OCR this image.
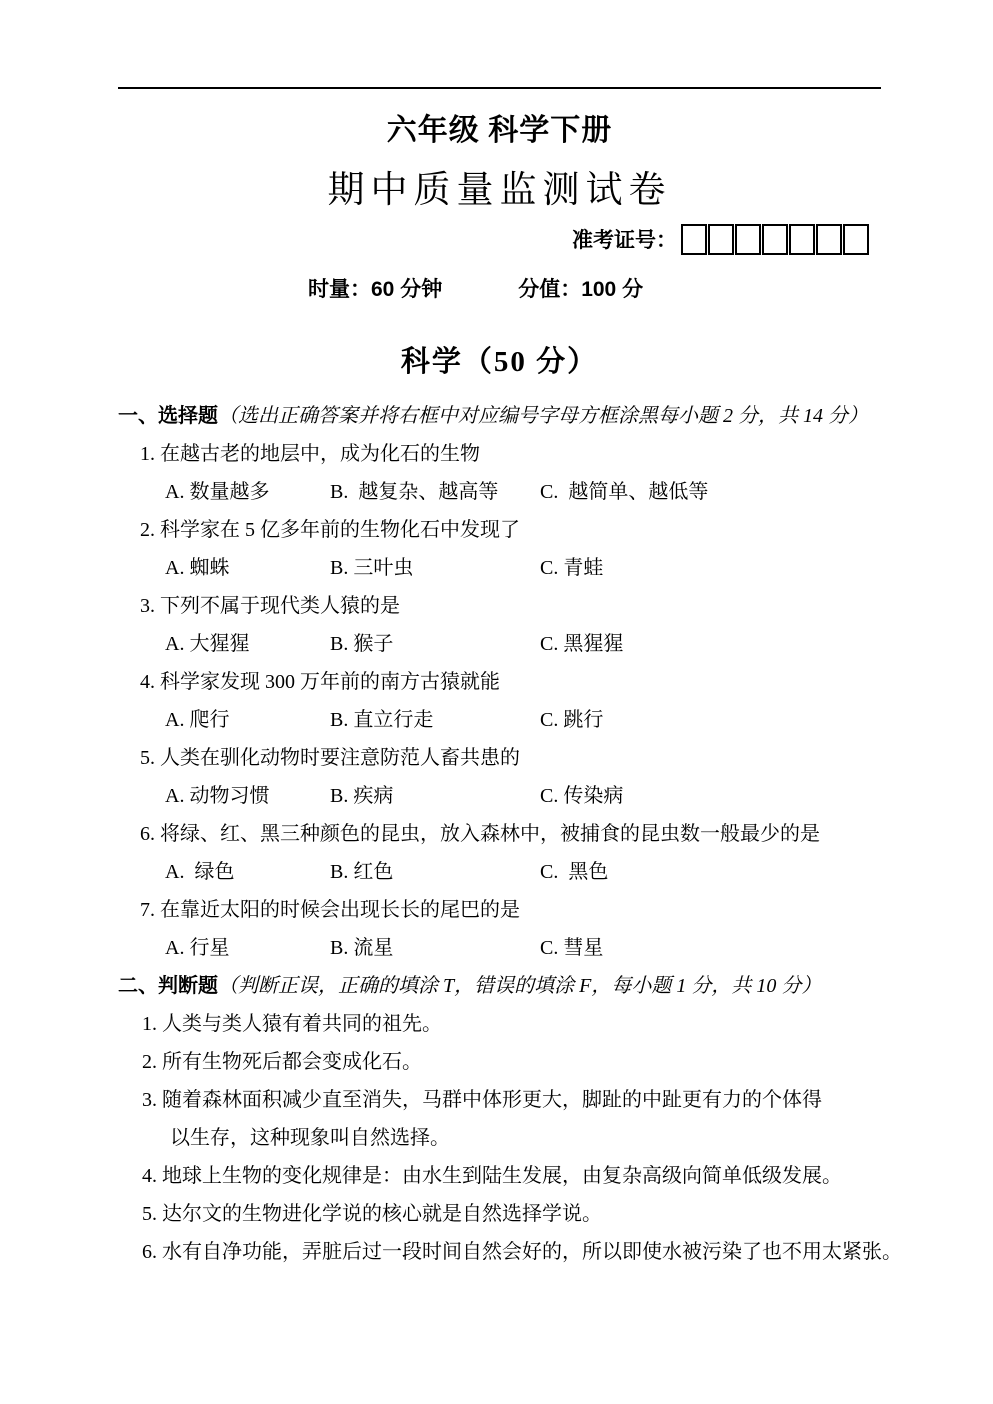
六年级 科学下册
期中质量监测试卷
准考证号：
时量：60 分钟	分值：100 分
科学（50 分）

一、选择题（选出正确答案并将右框中对应编号字母方框涂黑每小题 2 分，共 14 分）

1. 在越古老的地层中，成为化石的生物

A. 数量越多	B.  越复杂、越高等	C.  越简单、越低等

2. 科学家在 5 亿多年前的生物化石中发现了

A. 蜘蛛	B. 三叶虫	C. 青蛙

3. 下列不属于现代类人猿的是

A. 大猩猩	B. 猴子	C. 黑猩猩

4. 科学家发现 300 万年前的南方古猿就能

A. 爬行	B. 直立行走	C. 跳行

5. 人类在驯化动物时要注意防范人畜共患的

A. 动物习惯	B. 疾病	C. 传染病

6. 将绿、红、黑三种颜色的昆虫，放入森林中，被捕食的昆虫数一般最少的是

A.  绿色	B. 红色	C.  黑色

7. 在靠近太阳的时候会出现长长的尾巴的是

A. 行星	B. 流星	C. 彗星

二、判断题（判断正误，正确的填涂 T，错误的填涂 F，每小题 1 分，共 10 分）

1. 人类与类人猿有着共同的祖先。

2. 所有生物死后都会变成化石。

3. 随着森林面积减少直至消失，马群中体形更大，脚趾的中趾更有力的个体得

以生存，这种现象叫自然选择。

4. 地球上生物的变化规律是：由水生到陆生发展，由复杂高级向简单低级发展。

5. 达尔文的生物进化学说的核心就是自然选择学说。

6. 水有自净功能，弄脏后过一段时间自然会好的，所以即使水被污染了也不用太紧张。
